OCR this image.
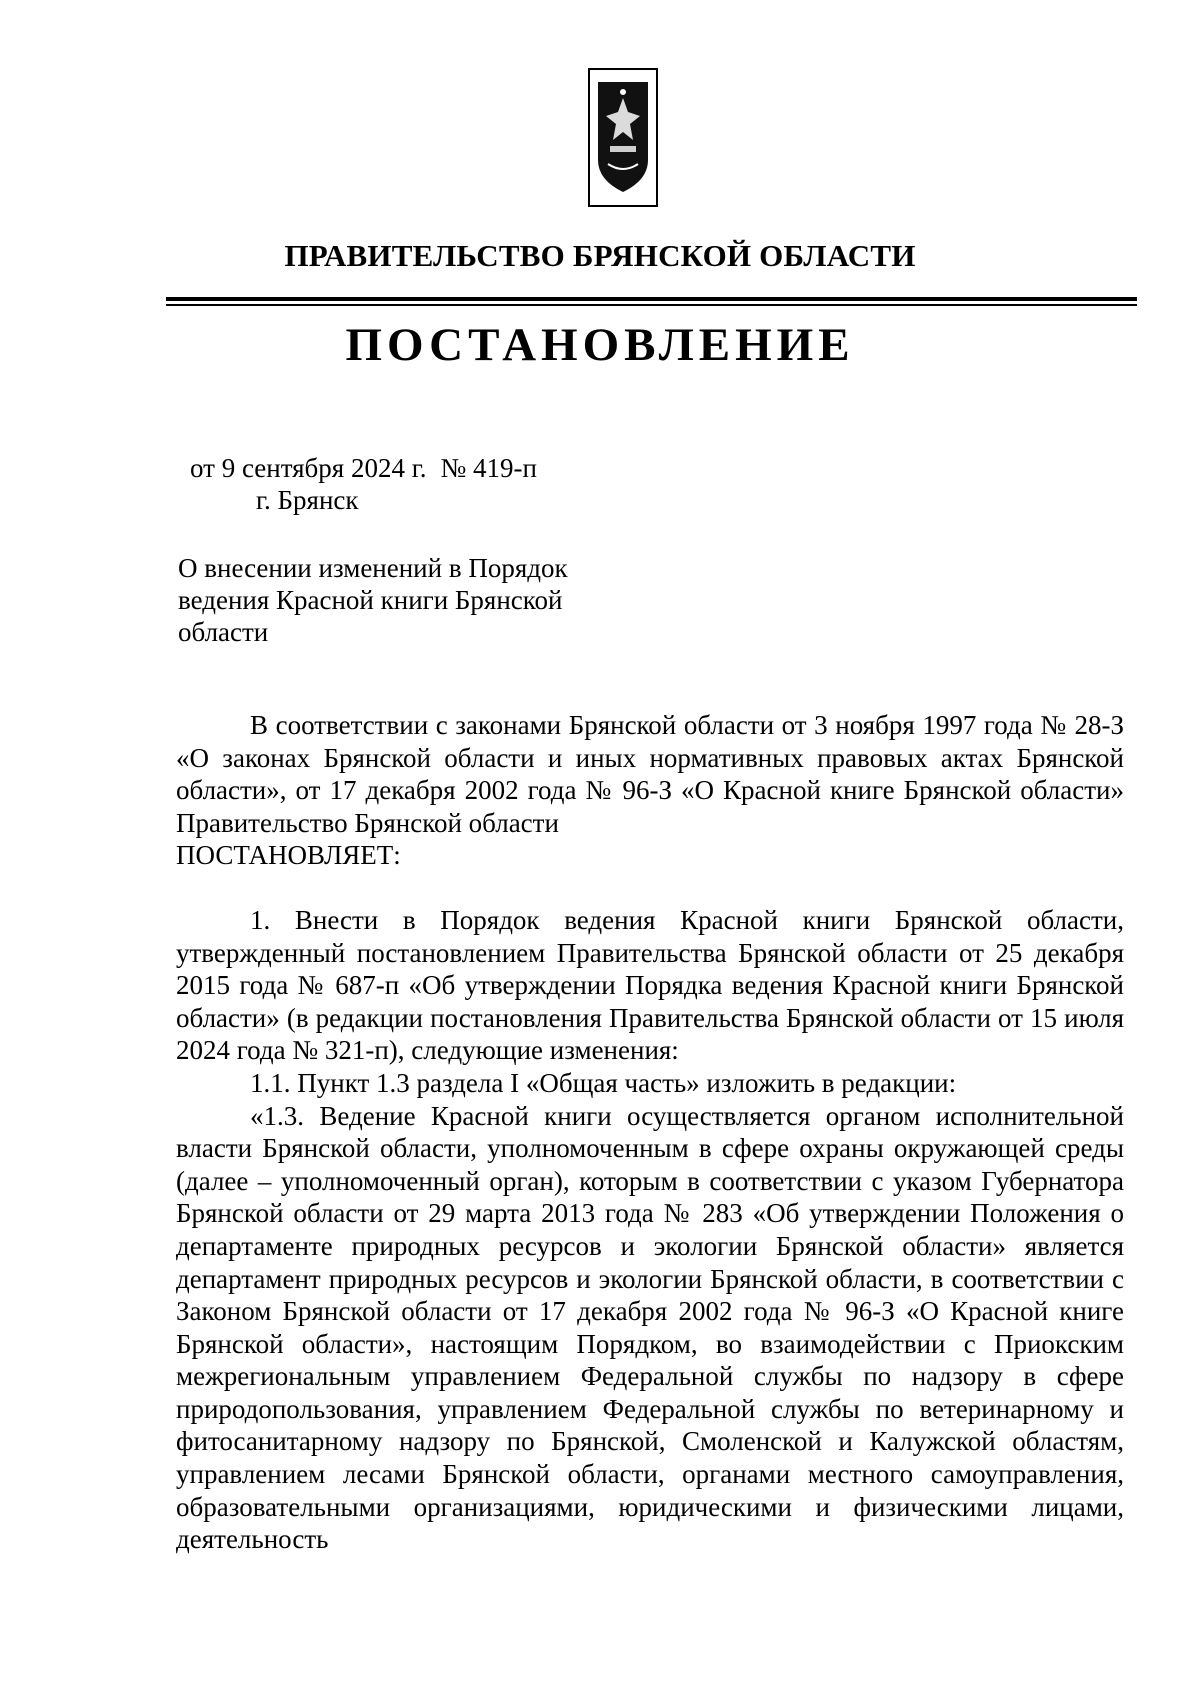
ПРАВИТЕЛЬСТВО БРЯНСКОЙ ОБЛАСТИ
ПОСТАНОВЛЕНИЕ
от 9 сентября 2024 г. № 419-п
г. Брянск
О внесении изменений в Порядок
ведения Красной книги Брянской
области

В соответствии с законами Брянской области от 3 ноября 1997 года № 28-З «О законах Брянской области и иных нормативных правовых актах Брянской области», от 17 декабря 2002 года № 96-З «О Красной книге Брянской области» Правительство Брянской области

ПОСТАНОВЛЯЕТ:

1. Внести в Порядок ведения Красной книги Брянской области, утвержденный постановлением Правительства Брянской области от 25 декабря 2015 года № 687-п «Об утверждении Порядка ведения Красной книги Брянской области» (в редакции постановления Правительства Брянской области от 15 июля 2024 года № 321-п), следующие изменения:

1.1. Пункт 1.3 раздела I «Общая часть» изложить в редакции:

«1.3. Ведение Красной книги осуществляется органом исполнительной власти Брянской области, уполномоченным в сфере охраны окружающей среды (далее – уполномоченный орган), которым в соответствии с указом Губернатора Брянской области от 29 марта 2013 года № 283 «Об утверждении Положения о департаменте природных ресурсов и экологии Брянской области» является департамент природных ресурсов и экологии Брянской области, в соответствии с Законом Брянской области от 17 декабря 2002 года № 96-З «О Красной книге Брянской области», настоящим Порядком, во взаимодействии с Приокским межрегиональным управлением Федеральной службы по надзору в сфере природопользования, управлением Федеральной службы по ветеринарному и фитосанитарному надзору по Брянской, Смоленской и Калужской областям, управлением лесами Брянской области, органами местного самоуправления, образовательными организациями, юридическими и физическими лицами, деятельность
